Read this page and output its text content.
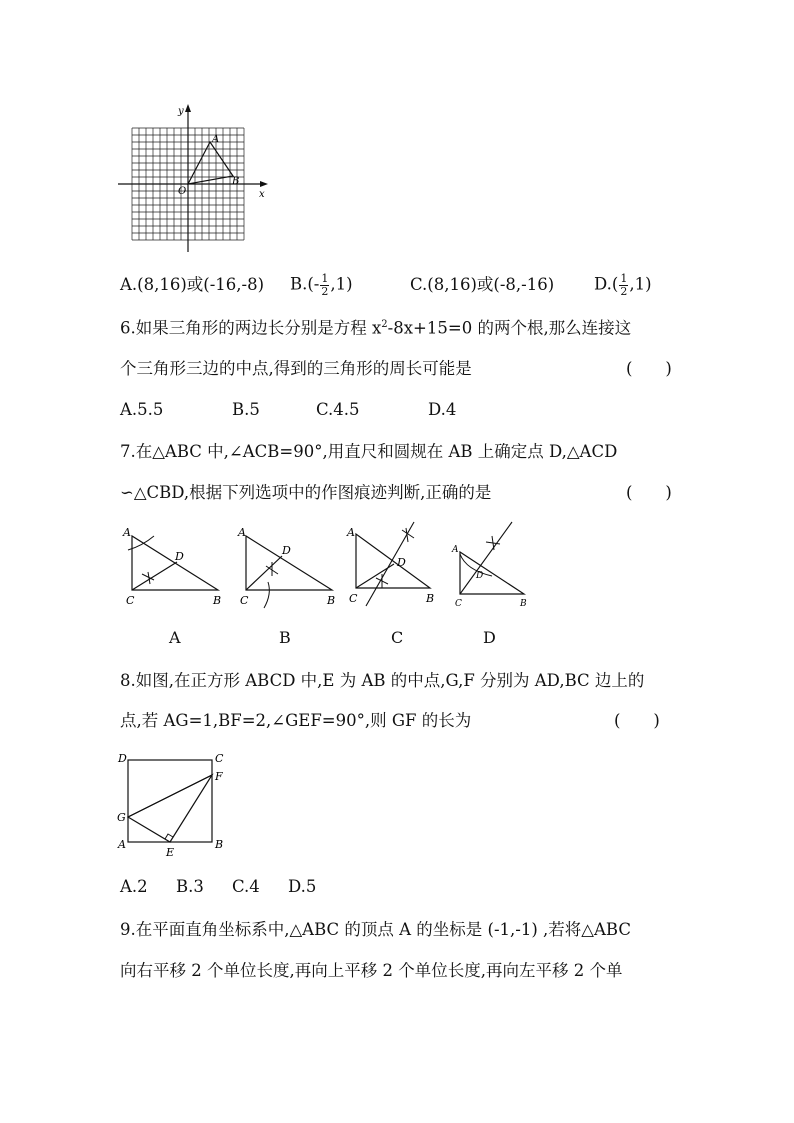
y
x
O
A
B
A.(8,16)或(-16,-8) $B.(- \frac{1}{2} ,1)$	C.(8,16)或(-8,-16) $D.( \frac{1}{2} ,1)$
6.如果三角形的两边长分别是方程 $x^2-8x+15=0$ 的两个根,那么连接这
个三角形三边的中点,得到的三角形的周长可能是	(　　)
A.5.5	B.5	C.4.5	D.4
7.在△ABC 中,∠ACB=90°,用直尺和圆规在 AB 上确定点 D,△ACD
∽△CBD,根据下列选项中的作图痕迹判断,正确的是	(　　)
A
C	B
D
A
C	B
D
A
C	B
D
A
C	B
D
A	B	C	D
8.如图,在正方形 ABCD 中,E 为 AB 的中点,G,F 分别为 AD,BC 边上的
点,若 AG=1,BF=2,∠GEF=90°,则 GF 的长为	(　　)
D	C
F
G
A	B
E
A.2 B.3 C.4 D.5
9.在平面直角坐标系中,△ABC 的顶点 A 的坐标是 (-1,-1) ,若将△ABC
向右平移 2 个单位长度,再向上平移 2 个单位长度,再向左平移 2 个单
